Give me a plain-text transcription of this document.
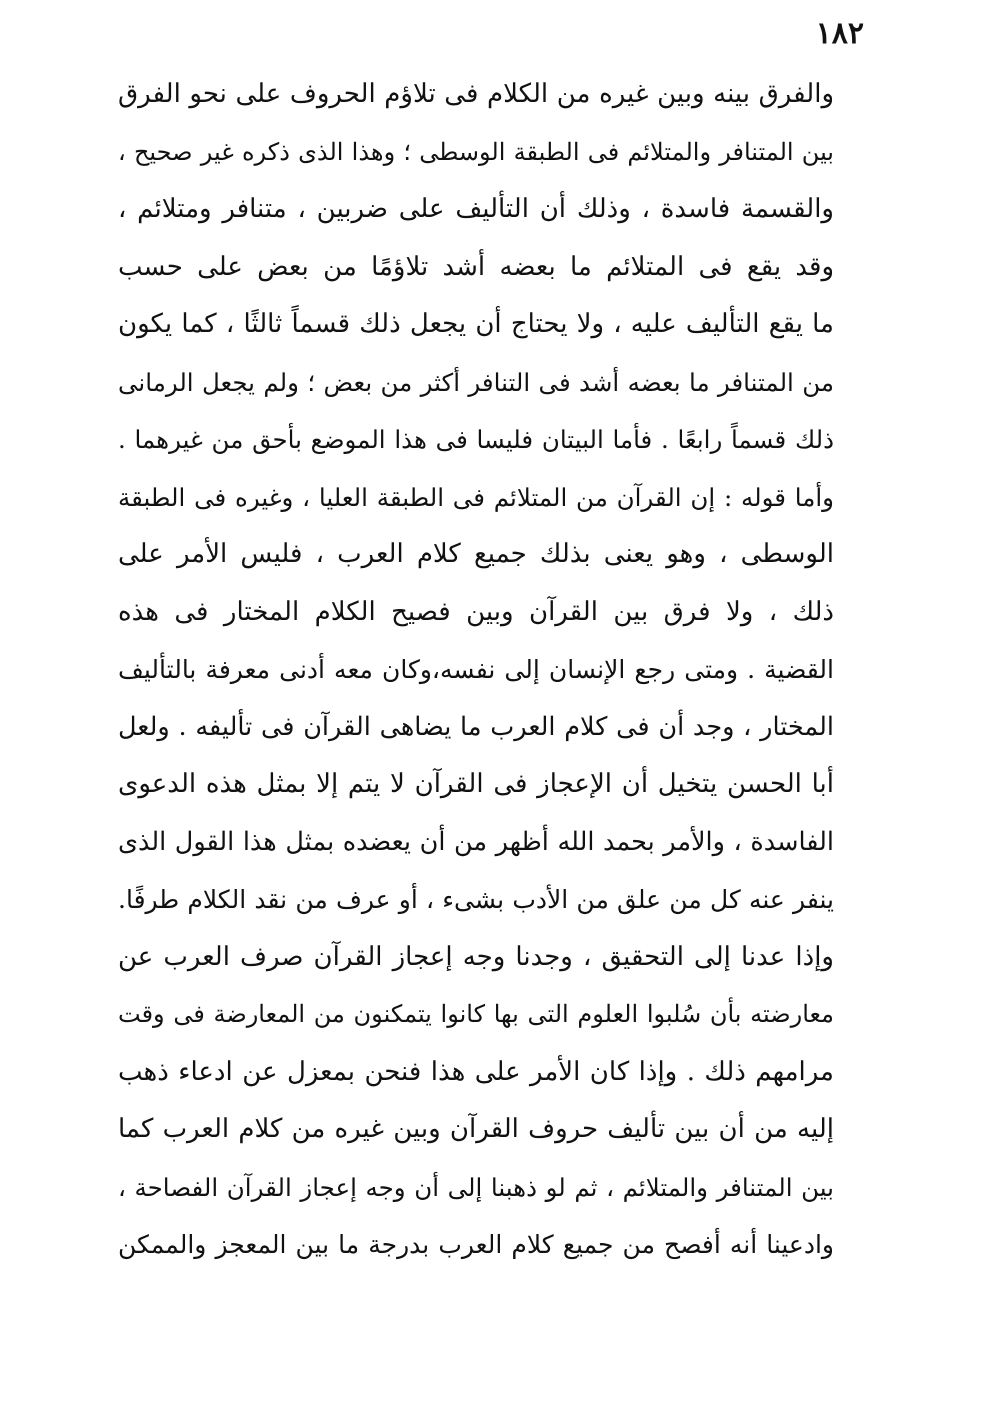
١٨٢
والفرق بينه وبين غيره من الكلام فى تلاؤم الحروف على نحو الفرق
بين المتنافر والمتلائم فى الطبقة الوسطى ؛ وهذا الذى ذكره غير صحيح ،
والقسمة فاسدة ، وذلك أن التأليف على ضربين ، متنافر ومتلائم ،
وقد يقع فى المتلائم ما بعضه أشد تلاؤمًا من بعض على حسب
ما يقع التأليف عليه ، ولا يحتاج أن يجعل ذلك قسماً ثالثًا ، كما يكون
من المتنافر ما بعضه أشد فى التنافر أكثر من بعض ؛ ولم يجعل الرمانى
ذلك قسماً رابعًا . فأما البيتان فليسا فى هذا الموضع بأحق من غيرهما .
وأما قوله : إن القرآن من المتلائم فى الطبقة العليا ، وغيره فى الطبقة
الوسطى ، وهو يعنى بذلك جميع كلام العرب ، فليس الأمر على
ذلك ، ولا فرق بين القرآن وبين فصيح الكلام المختار فى هذه
القضية . ومتى رجع الإنسان إلى نفسه،وكان معه أدنى معرفة بالتأليف
المختار ، وجد أن فى كلام العرب ما يضاهى القرآن فى تأليفه . ولعل
أبا الحسن يتخيل أن الإعجاز فى القرآن لا يتم إلا بمثل هذه الدعوى
الفاسدة ، والأمر بحمد الله أظهر من أن يعضده بمثل هذا القول الذى
ينفر عنه كل من علق من الأدب بشىء ، أو عرف من نقد الكلام طرفًا.
وإذا عدنا إلى التحقيق ، وجدنا وجه إعجاز القرآن صرف العرب عن
معارضته بأن سُلبوا العلوم التى بها كانوا يتمكنون من المعارضة فى وقت
مرامهم ذلك . وإذا كان الأمر على هذا فنحن بمعزل عن ادعاء ذهب
إليه من أن بين تأليف حروف القرآن وبين غيره من كلام العرب كما
بين المتنافر والمتلائم ، ثم لو ذهبنا إلى أن وجه إعجاز القرآن الفصاحة ،
وادعينا أنه أفصح من جميع كلام العرب بدرجة ما بين المعجز والممكن
